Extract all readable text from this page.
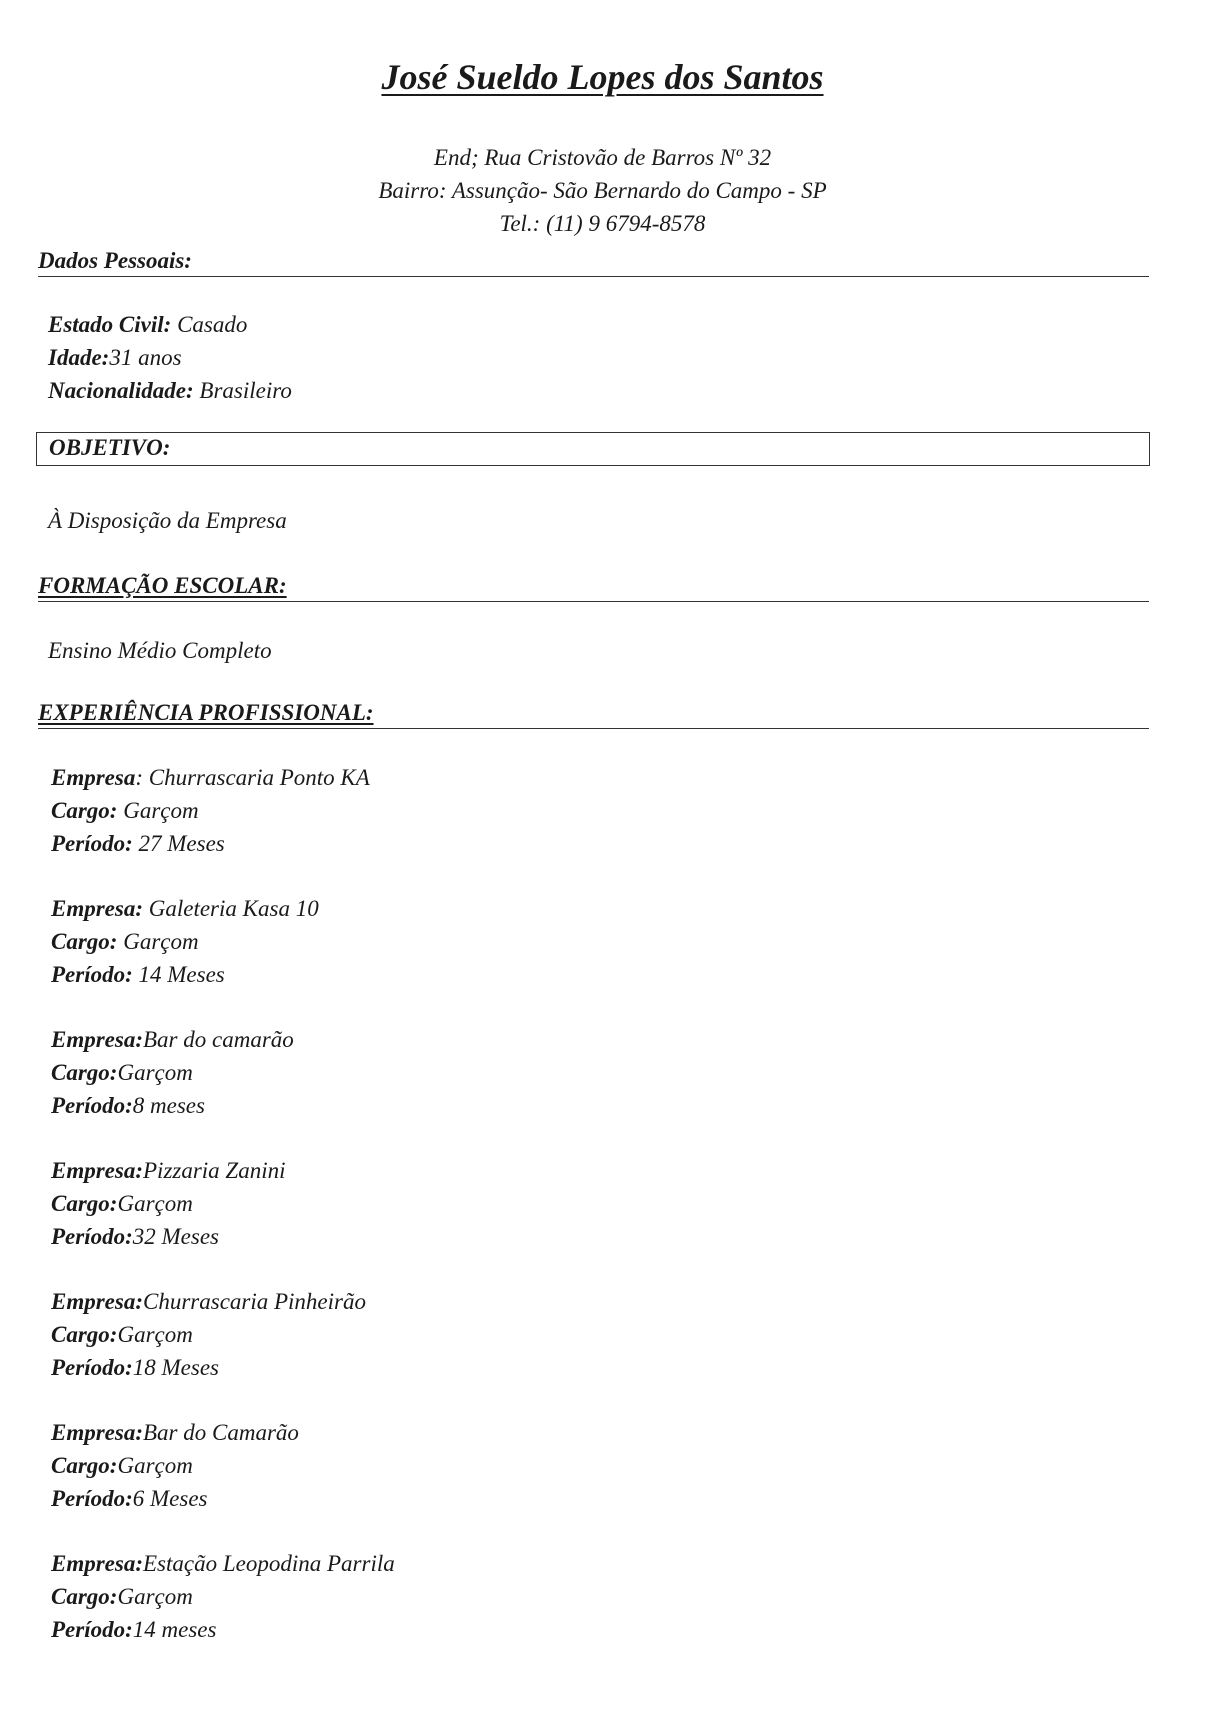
José Sueldo Lopes dos Santos
End; Rua Cristovão de Barros Nº 32
Bairro: Assunção- São Bernardo do Campo - SP
Tel.: (11) 9 6794-8578
Dados Pessoais:
Estado Civil: Casado
Idade:31 anos
Nacionalidade: Brasileiro
OBJETIVO:
À Disposição da Empresa
FORMAÇÃO ESCOLAR:
Ensino Médio Completo
EXPERIÊNCIA PROFISSIONAL:
Empresa: Churrascaria Ponto KA
Cargo: Garçom
Período: 27 Meses
Empresa: Galeteria Kasa 10
Cargo: Garçom
Período: 14 Meses
Empresa:Bar do camarão
Cargo:Garçom
Período:8 meses
Empresa:Pizzaria Zanini
Cargo:Garçom
Período:32 Meses
Empresa:Churrascaria Pinheirão
Cargo:Garçom
Período:18 Meses
Empresa:Bar do Camarão
Cargo:Garçom
Período:6 Meses
Empresa:Estação Leopodina Parrila
Cargo:Garçom
Período:14 meses
